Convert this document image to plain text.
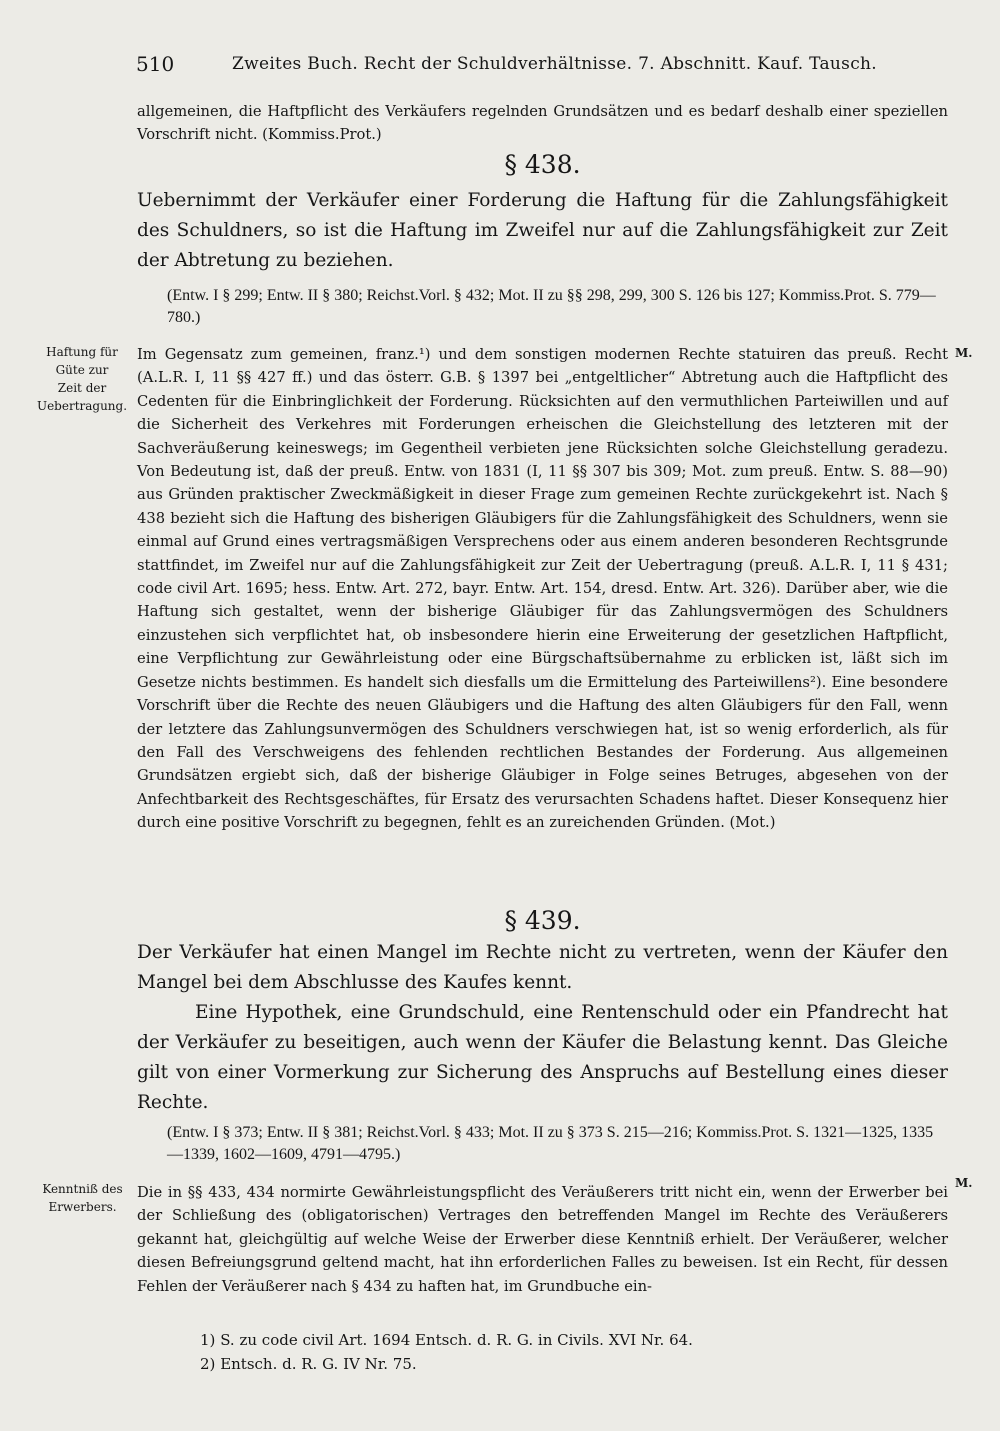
510	Zweites Buch. Recht der Schuldverhältnisse. 7. Abschnitt. Kauf. Tausch.

allgemeinen, die Haftpflicht des Verkäufers regelnden Grundsätzen und es bedarf deshalb einer speziellen Vorschrift nicht. (Kommiss.Prot.)

§ 438.

Uebernimmt der Verkäufer einer Forderung die Haftung für die Zahlungsfähigkeit des Schuldners, so ist die Haftung im Zweifel nur auf die Zahlungsfähigkeit zur Zeit der Abtretung zu beziehen.

(Entw. I § 299; Entw. II § 380; Reichst.Vorl. § 432; Mot. II zu §§ 298, 299, 300 S. 126 bis 127; Kommiss.Prot. S. 779—780.)

Haftung für
Güte zur
Zeit der
Uebertragung.
M.

Im Gegensatz zum gemeinen, franz.¹) und dem sonstigen modernen Rechte statuiren das preuß. Recht (A.L.R. I, 11 §§ 427 ff.) und das österr. G.B. § 1397 bei „entgeltlicher“ Abtretung auch die Haftpflicht des Cedenten für die Einbringlichkeit der Forderung. Rücksichten auf den vermuthlichen Parteiwillen und auf die Sicherheit des Verkehres mit Forderungen erheischen die Gleichstellung des letzteren mit der Sachveräußerung keineswegs; im Gegentheil verbieten jene Rücksichten solche Gleichstellung geradezu. Von Bedeutung ist, daß der preuß. Entw. von 1831 (I, 11 §§ 307 bis 309; Mot. zum preuß. Entw. S. 88—90) aus Gründen praktischer Zweckmäßigkeit in dieser Frage zum gemeinen Rechte zurückgekehrt ist. Nach § 438 bezieht sich die Haftung des bisherigen Gläubigers für die Zahlungsfähigkeit des Schuldners, wenn sie einmal auf Grund eines vertragsmäßigen Versprechens oder aus einem anderen besonderen Rechtsgrunde stattfindet, im Zweifel nur auf die Zahlungsfähigkeit zur Zeit der Uebertragung (preuß. A.L.R. I, 11 § 431; code civil Art. 1695; hess. Entw. Art. 272, bayr. Entw. Art. 154, dresd. Entw. Art. 326). Darüber aber, wie die Haftung sich gestaltet, wenn der bisherige Gläubiger für das Zahlungsvermögen des Schuldners einzustehen sich verpflichtet hat, ob insbesondere hierin eine Erweiterung der gesetzlichen Haftpflicht, eine Verpflichtung zur Gewährleistung oder eine Bürgschaftsübernahme zu erblicken ist, läßt sich im Gesetze nichts bestimmen. Es handelt sich diesfalls um die Ermittelung des Parteiwillens²). Eine besondere Vorschrift über die Rechte des neuen Gläubigers und die Haftung des alten Gläubigers für den Fall, wenn der letztere das Zahlungsunvermögen des Schuldners verschwiegen hat, ist so wenig erforderlich, als für den Fall des Verschweigens des fehlenden rechtlichen Bestandes der Forderung. Aus allgemeinen Grundsätzen ergiebt sich, daß der bisherige Gläubiger in Folge seines Betruges, abgesehen von der Anfechtbarkeit des Rechtsgeschäftes, für Ersatz des verursachten Schadens haftet. Dieser Konsequenz hier durch eine positive Vorschrift zu begegnen, fehlt es an zureichenden Gründen. (Mot.)

§ 439.

Der Verkäufer hat einen Mangel im Rechte nicht zu vertreten, wenn der Käufer den Mangel bei dem Abschlusse des Kaufes kennt.

Eine Hypothek, eine Grundschuld, eine Rentenschuld oder ein Pfandrecht hat der Verkäufer zu beseitigen, auch wenn der Käufer die Belastung kennt. Das Gleiche gilt von einer Vormerkung zur Sicherung des Anspruchs auf Bestellung eines dieser Rechte.

(Entw. I § 373; Entw. II § 381; Reichst.Vorl. § 433; Mot. II zu § 373 S. 215—216; Kommiss.Prot. S. 1321—1325, 1335—1339, 1602—1609, 4791—4795.)

Kenntniß des
Erwerbers.
M.

Die in §§ 433, 434 normirte Gewährleistungspflicht des Veräußerers tritt nicht ein, wenn der Erwerber bei der Schließung des (obligatorischen) Vertrages den betreffenden Mangel im Rechte des Veräußerers gekannt hat, gleichgültig auf welche Weise der Erwerber diese Kenntniß erhielt. Der Veräußerer, welcher diesen Befreiungsgrund geltend macht, hat ihn erforderlichen Falles zu beweisen. Ist ein Recht, für dessen Fehlen der Veräußerer nach § 434 zu haften hat, im Grundbuche ein-

1) S. zu code civil Art. 1694 Entsch. d. R. G. in Civils. XVI Nr. 64.

2) Entsch. d. R. G. IV Nr. 75.
